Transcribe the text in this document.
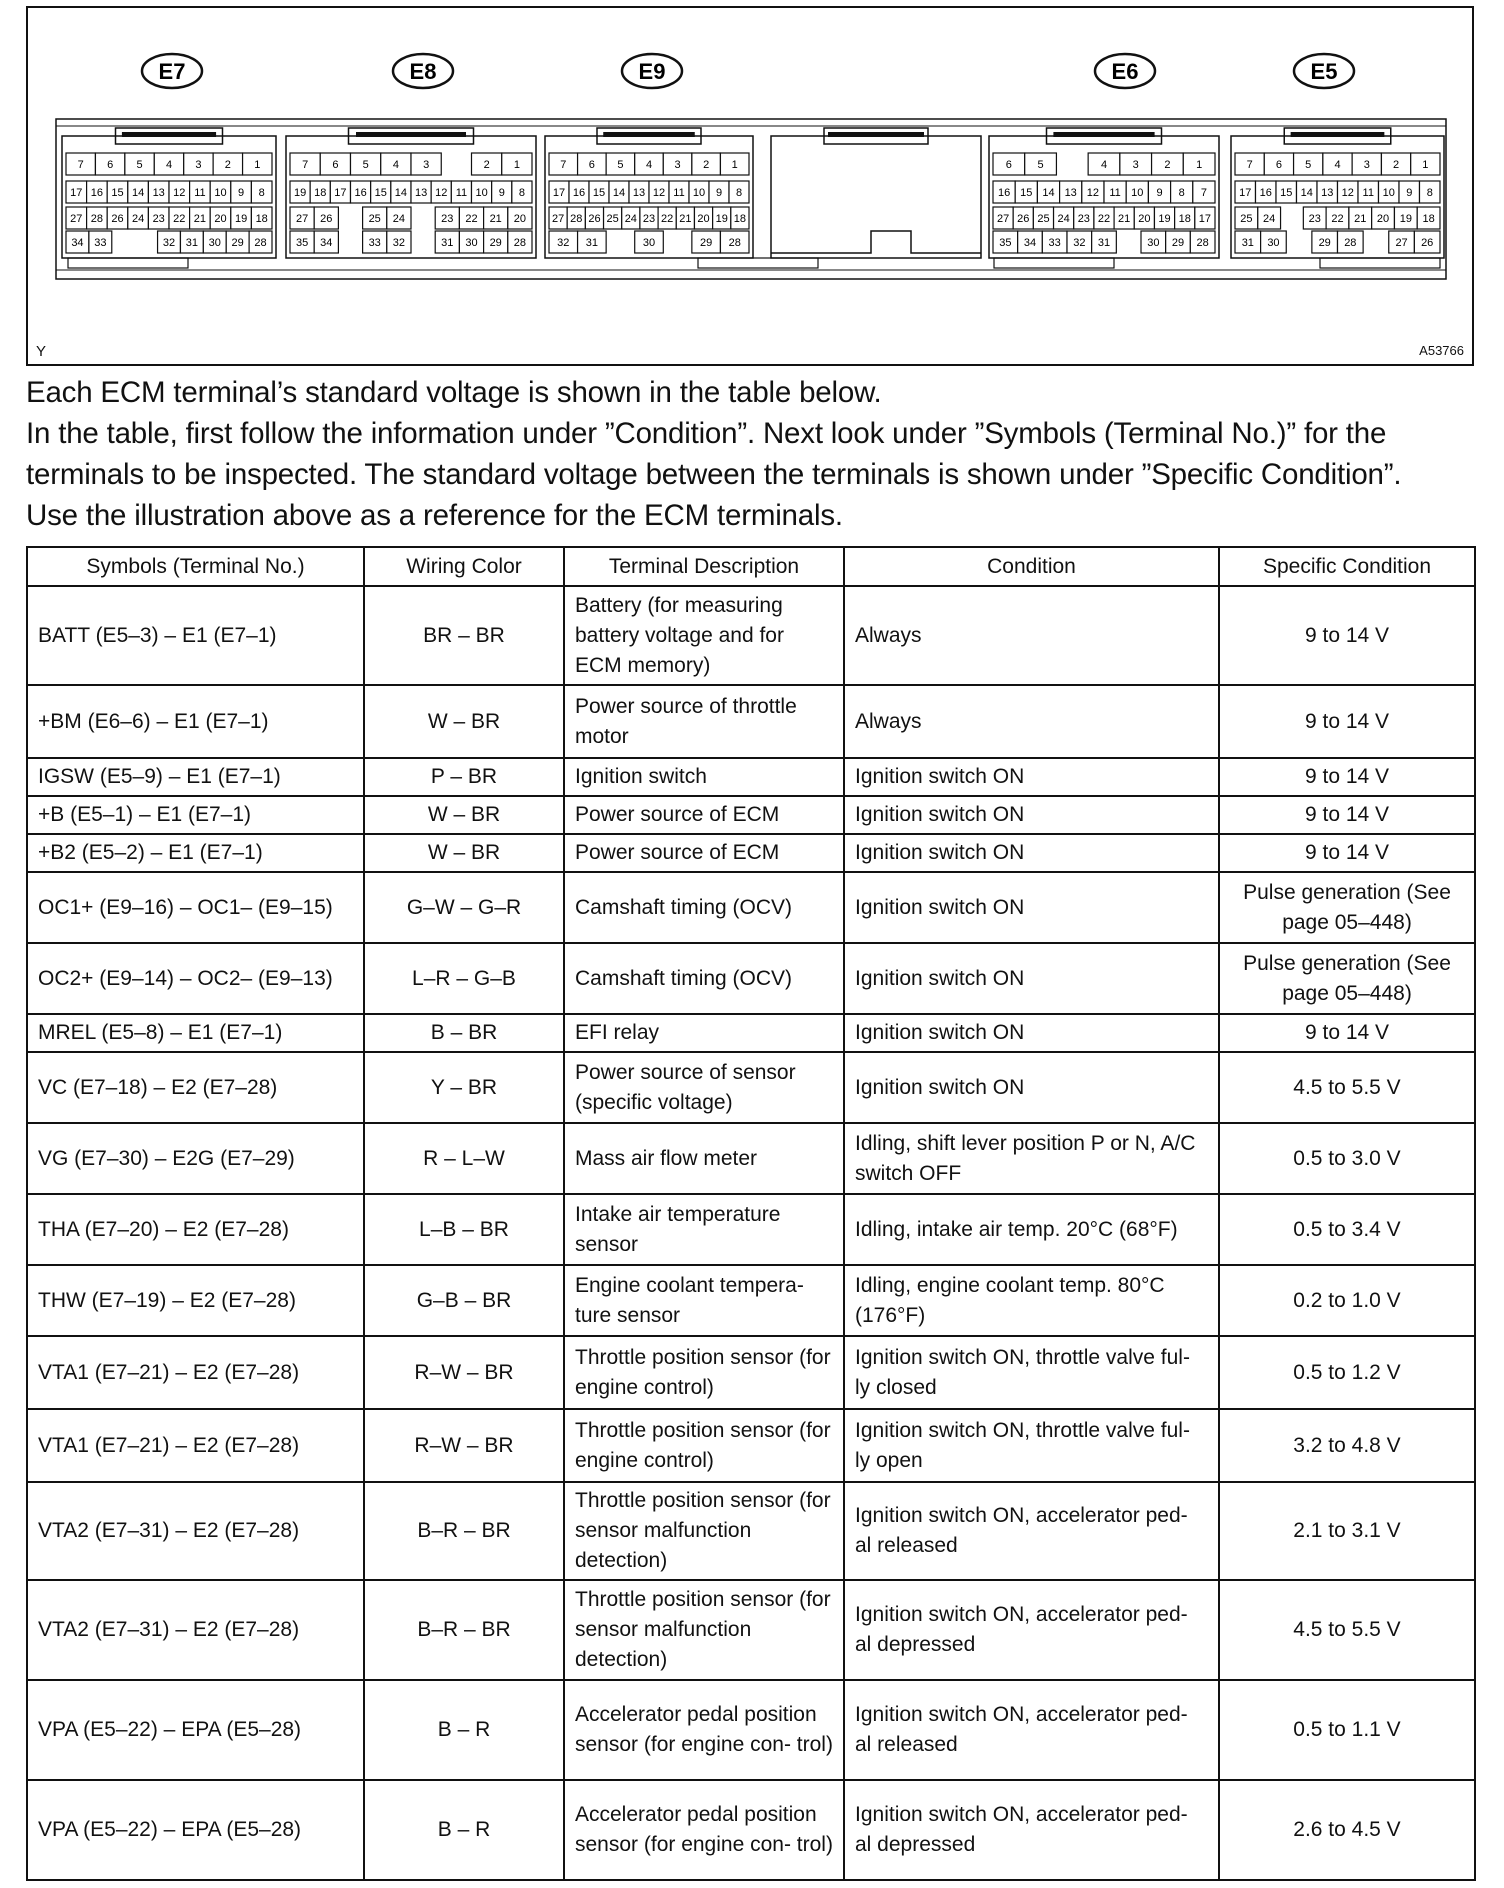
E7
7 6 5 4 3 2 1
17 16 15 14 13 12 11 10 9 8
27 28 26 24 23 22 21 20 19 18
34 33	32 31 30 29 28
E8
7 6 5 4 3	2 1
19 18 17 16 15 14 13 12 11 10 9 8
27 26	25 24	23 22 21 20
35 34	33 32	31 30 29 28
E9
7 6 5 4 3 2 1
17 16 15 14 13 12 11 10 9 8
27 28 26 25 24 23 22 21 20 19 18
32 31	30	29 28
E6
6 5	4 3 2 1
16 15 14 13 12 11 10 9 8 7
27 26 25 24 23 22 21 20 19 18 17
35 34 33 32 31	30 29 28
E5
7 6 5 4 3 2 1
17 16 15 14 13 12 11 10 9 8
25 24	23 22 21 20 19 18
31 30	29 28	27 26
Y	A53766

Each ECM terminal’s standard voltage is shown in the table below.

In the table, first follow the information under ”Condition”. Next look under ”Symbols (Terminal No.)” for the terminals to be inspected. The standard voltage between the terminals is shown under ”Specific Condition”.

Use the illustration above as a reference for the ECM terminals.

Symbols (Terminal No.)	Wiring Color	Terminal Description	Condition	Specific Condition
BATT (E5–3) – E1 (E7–1)	BR – BR	Battery (for measuring battery voltage and for ECM memory)	Always	9 to 14 V
+BM (E6–6) – E1 (E7–1)	W – BR	Power source of throttle motor	Always	9 to 14 V
IGSW (E5–9) – E1 (E7–1)	P – BR	Ignition switch	Ignition switch ON	9 to 14 V
+B (E5–1) – E1 (E7–1)	W – BR	Power source of ECM	Ignition switch ON	9 to 14 V
+B2 (E5–2) – E1 (E7–1)	W – BR	Power source of ECM	Ignition switch ON	9 to 14 V
OC1+ (E9–16) – OC1– (E9–15)	G–W – G–R	Camshaft timing (OCV)	Ignition switch ON	Pulse generation (See page 05–448)
OC2+ (E9–14) – OC2– (E9–13)	L–R – G–B	Camshaft timing (OCV)	Ignition switch ON	Pulse generation (See page 05–448)
MREL (E5–8) – E1 (E7–1)	B – BR	EFI relay	Ignition switch ON	9 to 14 V
VC (E7–18) – E2 (E7–28)	Y – BR	Power source of sensor (specific voltage)	Ignition switch ON	4.5 to 5.5 V
VG (E7–30) – E2G (E7–29)	R – L–W	Mass air flow meter	Idling, shift lever position P or N, A/C switch OFF	0.5 to 3.0 V
THA (E7–20) – E2 (E7–28)	L–B – BR	Intake air temperature sensor	Idling, intake air temp. 20°C (68°F)	0.5 to 3.4 V
THW (E7–19) – E2 (E7–28)	G–B – BR	Engine coolant tempera- ture sensor	Idling, engine coolant temp. 80°C (176°F)	0.2 to 1.0 V
VTA1 (E7–21) – E2 (E7–28)	R–W – BR	Throttle position sensor (for engine control)	Ignition switch ON, throttle valve ful- ly closed	0.5 to 1.2 V
VTA1 (E7–21) – E2 (E7–28)	R–W – BR	Throttle position sensor (for engine control)	Ignition switch ON, throttle valve ful- ly open	3.2 to 4.8 V
VTA2 (E7–31) – E2 (E7–28)	B–R – BR	Throttle position sensor (for sensor malfunction detection)	Ignition switch ON, accelerator ped- al released	2.1 to 3.1 V
VTA2 (E7–31) – E2 (E7–28)	B–R – BR	Throttle position sensor (for sensor malfunction detection)	Ignition switch ON, accelerator ped- al depressed	4.5 to 5.5 V
VPA (E5–22) – EPA (E5–28)	B – R	Accelerator pedal position sensor (for engine con- trol)	Ignition switch ON, accelerator ped- al released	0.5 to 1.1 V
VPA (E5–22) – EPA (E5–28)	B – R	Accelerator pedal position sensor (for engine con- trol)	Ignition switch ON, accelerator ped- al depressed	2.6 to 4.5 V
